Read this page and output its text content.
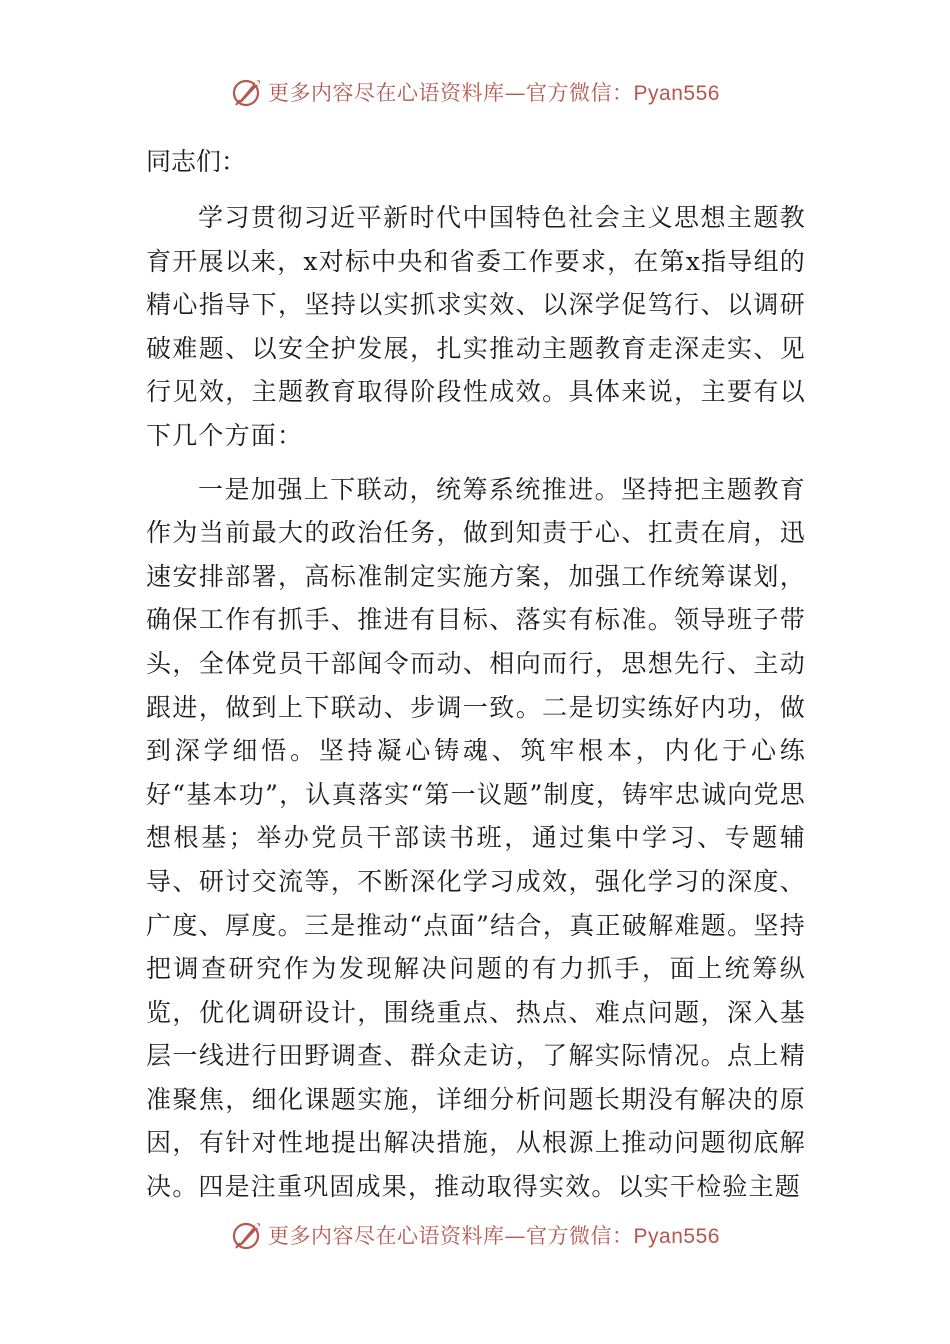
更多内容尽在心语资料库—官方微信：Pyan556
同志们：

学习贯彻习近平新时代中国特色社会主义思想主题教育开展以来，x对标中央和省委工作要求，在第x指导组的精心指导下，坚持以实抓求实效、以深学促笃行、以调研破难题、以安全护发展，扎实推动主题教育走深走实、见行见效，主题教育取得阶段性成效。具体来说，主要有以下几个方面：

一是加强上下联动，统筹系统推进。坚持把主题教育作为当前最大的政治任务，做到知责于心、扛责在肩，迅速安排部署，高标准制定实施方案，加强工作统筹谋划，确保工作有抓手、推进有目标、落实有标准。领导班子带头，全体党员干部闻令而动、相向而行，思想先行、主动跟进，做到上下联动、步调一致。二是切实练好内功，做到深学细悟。坚持凝心铸魂、筑牢根本，内化于心练好“基本功”，认真落实“第一议题”制度，铸牢忠诚向党思想根基；举办党员干部读书班，通过集中学习、专题辅导、研讨交流等，不断深化学习成效，强化学习的深度、广度、厚度。三是推动“点面”结合，真正破解难题。坚持把调查研究作为发现解决问题的有力抓手，面上统筹纵览，优化调研设计，围绕重点、热点、难点问题，深入基层一线进行田野调查、群众走访，了解实际情况。点上精准聚焦，细化课题实施，详细分析问题长期没有解决的原因，有针对性地提出解决措施，从根源上推动问题彻底解决。四是注重巩固成果，推动取得实效。以实干检验主题

更多内容尽在心语资料库—官方微信：Pyan556
